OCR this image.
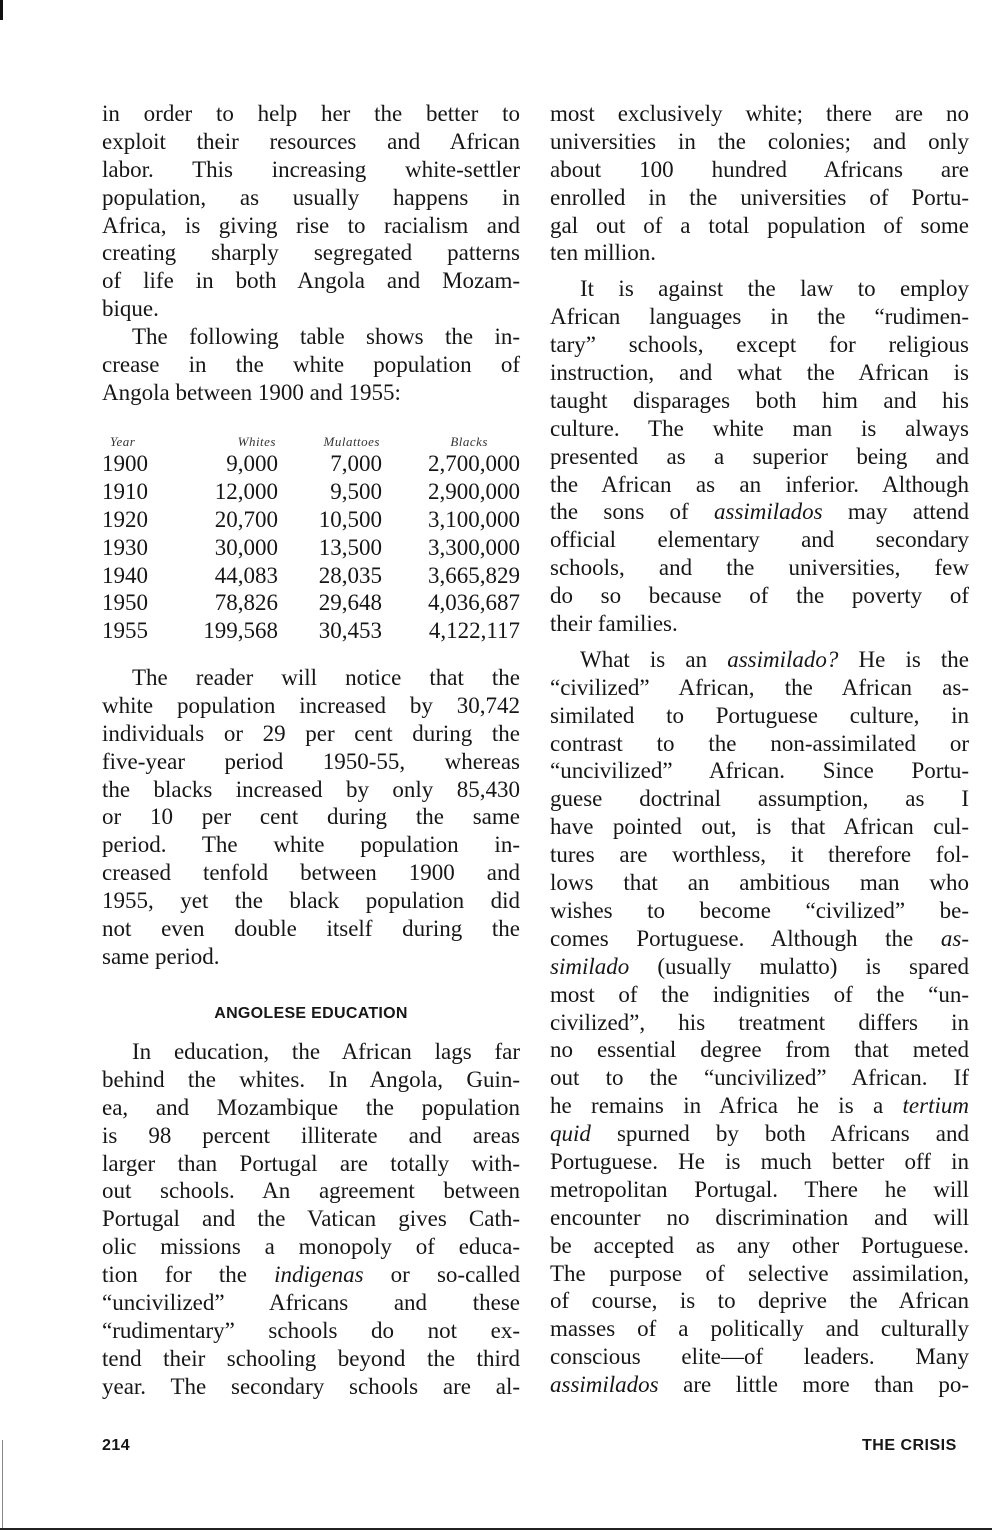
in order to help her the better to
exploit their resources and African
labor. This increasing white-settler
population, as usually happens in
Africa, is giving rise to racialism and
creating sharply segregated patterns
of life in both Angola and Mozam-
bique.
The following table shows the in-
crease in the white population of
Angola between 1900 and 1955:
Year	Whites	Mulattoes	Blacks
1900	9,000	7,000	2,700,000
1910	12,000	9,500	2,900,000
1920	20,700	10,500	3,100,000
1930	30,000	13,500	3,300,000
1940	44,083	28,035	3,665,829
1950	78,826	29,648	4,036,687
1955	199,568	30,453	4,122,117
The reader will notice that the
white population increased by 30,742
individuals or 29 per cent during the
five-year period 1950-55, whereas
the blacks increased by only 85,430
or 10 per cent during the same
period. The white population in-
creased tenfold between 1900 and
1955, yet the black population did
not even double itself during the
same period.
ANGOLESE EDUCATION
In education, the African lags far
behind the whites. In Angola, Guin-
ea, and Mozambique the population
is 98 percent illiterate and areas
larger than Portugal are totally with-
out schools. An agreement between
Portugal and the Vatican gives Cath-
olic missions a monopoly of educa-
tion for the indigenas or so-called
“uncivilized” Africans and these
“rudimentary” schools do not ex-
tend their schooling beyond the third
year. The secondary schools are al-
most exclusively white; there are no
universities in the colonies; and only
about 100 hundred Africans are
enrolled in the universities of Portu-
gal out of a total population of some
ten million.
It is against the law to employ
African languages in the “rudimen-
tary” schools, except for religious
instruction, and what the African is
taught disparages both him and his
culture. The white man is always
presented as a superior being and
the African as an inferior. Although
the sons of assimilados may attend
official elementary and secondary
schools, and the universities, few
do so because of the poverty of
their families.
What is an assimilado? He is the
“civilized” African, the African as-
similated to Portuguese culture, in
contrast to the non-assimilated or
“uncivilized” African. Since Portu-
guese doctrinal assumption, as I
have pointed out, is that African cul-
tures are worthless, it therefore fol-
lows that an ambitious man who
wishes to become “civilized” be-
comes Portuguese. Although the as-
similado (usually mulatto) is spared
most of the indignities of the “un-
civilized”, his treatment differs in
no essential degree from that meted
out to the “uncivilized” African. If
he remains in Africa he is a tertium
quid spurned by both Africans and
Portuguese. He is much better off in
metropolitan Portugal. There he will
encounter no discrimination and will
be accepted as any other Portuguese.
The purpose of selective assimilation,
of course, is to deprive the African
masses of a politically and culturally
conscious elite—of leaders. Many
assimilados are little more than po-
214	THE CRISIS
